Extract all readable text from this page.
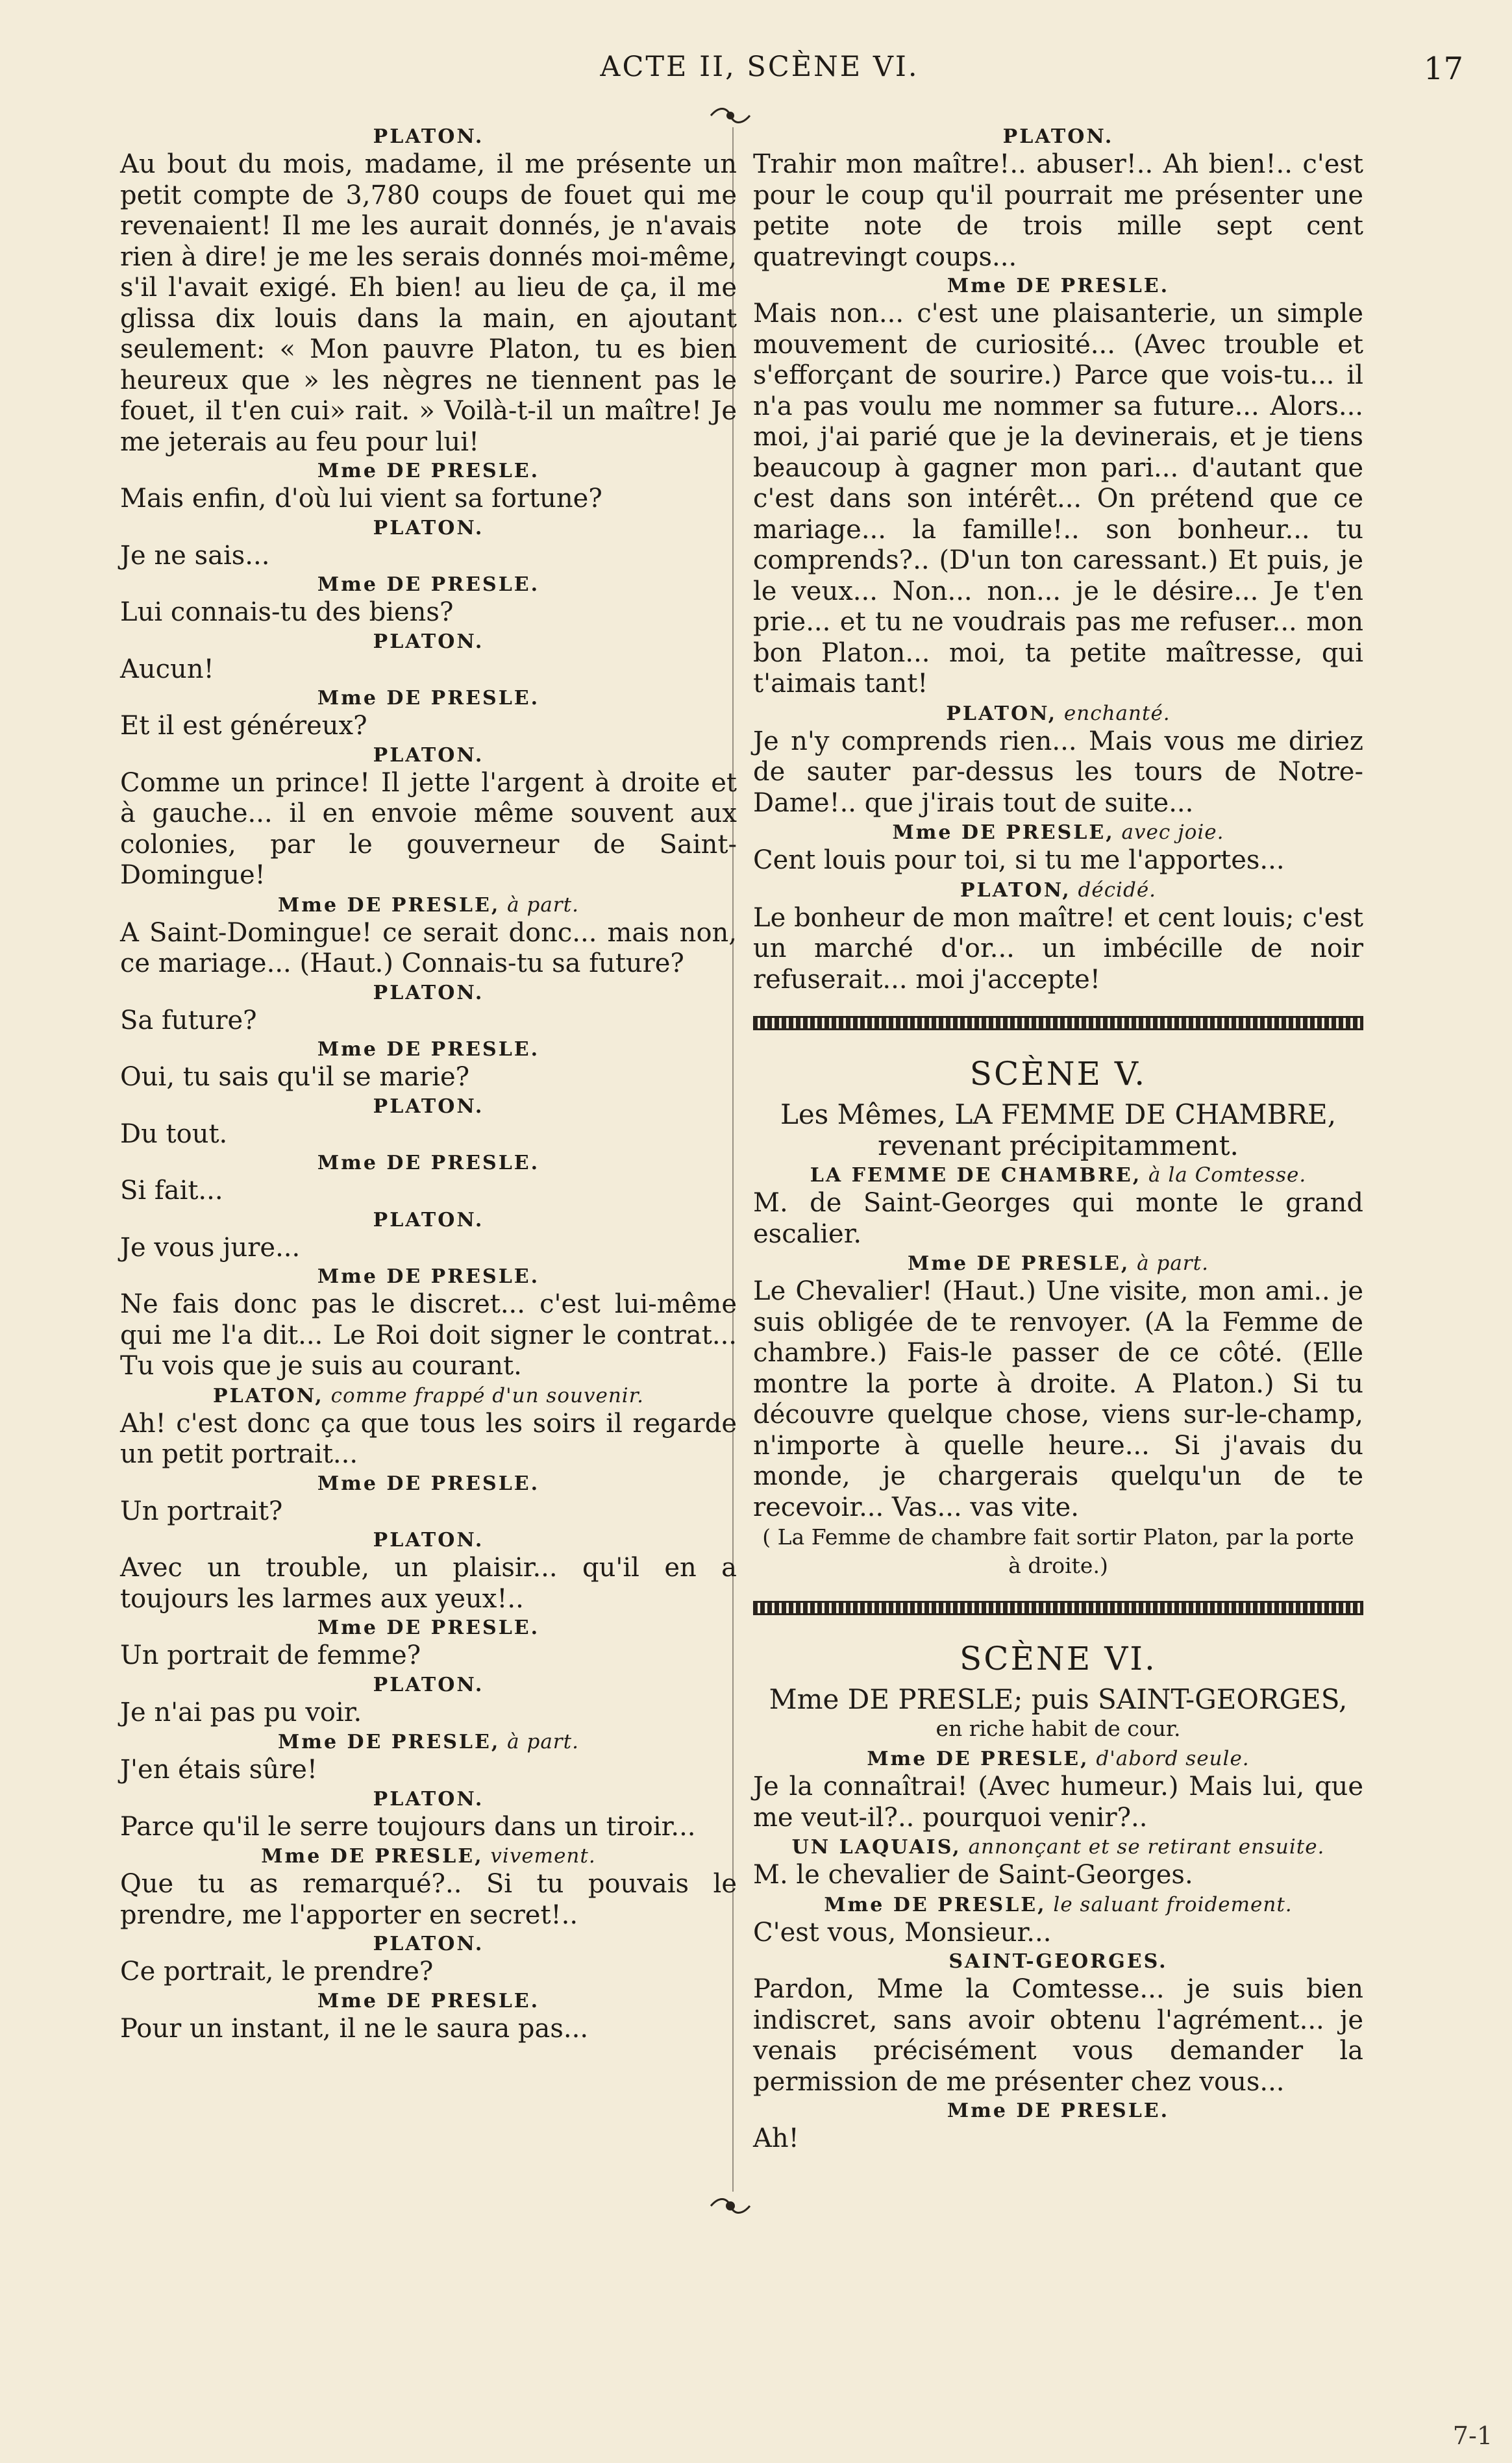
ACTE II, SCÈNE VI.	17
PLATON.

Au bout du mois, madame, il me présente un petit compte de 3,780 coups de fouet qui me revenaient! Il me les aurait donnés, je n'avais rien à dire! je me les serais donnés moi-même, s'il l'avait exigé. Eh bien! au lieu de ça, il me glissa dix louis dans la main, en ajoutant seulement: « Mon pauvre Platon, tu es bien heureux que » les nègres ne tiennent pas le fouet, il t'en cui» rait. » Voilà-t-il un maître! Je me jeterais au feu pour lui!

Mme DE PRESLE.

Mais enfin, d'où lui vient sa fortune?

PLATON.

Je ne sais...

Mme DE PRESLE.

Lui connais-tu des biens?

PLATON.

Aucun!

Mme DE PRESLE.

Et il est généreux?

PLATON.

Comme un prince! Il jette l'argent à droite et à gauche... il en envoie même souvent aux colonies, par le gouverneur de Saint-Domingue!

Mme DE PRESLE, à part.

A Saint-Domingue! ce serait donc... mais non, ce mariage... (Haut.) Connais-tu sa future?

PLATON.

Sa future?

Mme DE PRESLE.

Oui, tu sais qu'il se marie?

PLATON.

Du tout.

Mme DE PRESLE.

Si fait...

PLATON.

Je vous jure...

Mme DE PRESLE.

Ne fais donc pas le discret... c'est lui-même qui me l'a dit... Le Roi doit signer le contrat... Tu vois que je suis au courant.

PLATON, comme frappé d'un souvenir.

Ah! c'est donc ça que tous les soirs il regarde un petit portrait...

Mme DE PRESLE.

Un portrait?

PLATON.

Avec un trouble, un plaisir... qu'il en a toujours les larmes aux yeux!..

Mme DE PRESLE.

Un portrait de femme?

PLATON.

Je n'ai pas pu voir.

Mme DE PRESLE, à part.

J'en étais sûre!

PLATON.

Parce qu'il le serre toujours dans un tiroir...

Mme DE PRESLE, vivement.

Que tu as remarqué?.. Si tu pouvais le prendre, me l'apporter en secret!..

PLATON.

Ce portrait, le prendre?

Mme DE PRESLE.

Pour un instant, il ne le saura pas...

PLATON.

Trahir mon maître!.. abuser!.. Ah bien!.. c'est pour le coup qu'il pourrait me présenter une petite note de trois mille sept cent quatrevingt coups...

Mme DE PRESLE.

Mais non... c'est une plaisanterie, un simple mouvement de curiosité... (Avec trouble et s'efforçant de sourire.) Parce que vois-tu... il n'a pas voulu me nommer sa future... Alors... moi, j'ai parié que je la devinerais, et je tiens beaucoup à gagner mon pari... d'autant que c'est dans son intérêt... On prétend que ce mariage... la famille!.. son bonheur... tu comprends?.. (D'un ton caressant.) Et puis, je le veux... Non... non... je le désire... Je t'en prie... et tu ne voudrais pas me refuser... mon bon Platon... moi, ta petite maîtresse, qui t'aimais tant!

PLATON, enchanté.

Je n'y comprends rien... Mais vous me diriez de sauter par-dessus les tours de Notre-Dame!.. que j'irais tout de suite...

Mme DE PRESLE, avec joie.

Cent louis pour toi, si tu me l'apportes...

PLATON, décidé.

Le bonheur de mon maître! et cent louis; c'est un marché d'or... un imbécille de noir refuserait... moi j'accepte!

SCÈNE V.

Les Mêmes, LA FEMME DE CHAMBRE, revenant précipitamment.

LA FEMME DE CHAMBRE, à la Comtesse.

M. de Saint-Georges qui monte le grand escalier.

Mme DE PRESLE, à part.

Le Chevalier! (Haut.) Une visite, mon ami.. je suis obligée de te renvoyer. (A la Femme de chambre.) Fais-le passer de ce côté. (Elle montre la porte à droite. A Platon.) Si tu découvre quelque chose, viens sur-le-champ, n'importe à quelle heure... Si j'avais du monde, je chargerais quelqu'un de te recevoir... Vas... vas vite.

( La Femme de chambre fait sortir Platon, par la porte à droite.)

SCÈNE VI.

Mme DE PRESLE; puis SAINT-GEORGES,

en riche habit de cour.

Mme DE PRESLE, d'abord seule.

Je la connaîtrai! (Avec humeur.) Mais lui, que me veut-il?.. pourquoi venir?..

UN LAQUAIS, annonçant et se retirant ensuite.

M. le chevalier de Saint-Georges.

Mme DE PRESLE, le saluant froidement.

C'est vous, Monsieur...

SAINT-GEORGES.

Pardon, Mme la Comtesse... je suis bien indiscret, sans avoir obtenu l'agrément... je venais précisément vous demander la permission de me présenter chez vous...

Mme DE PRESLE.

Ah!

7-1
